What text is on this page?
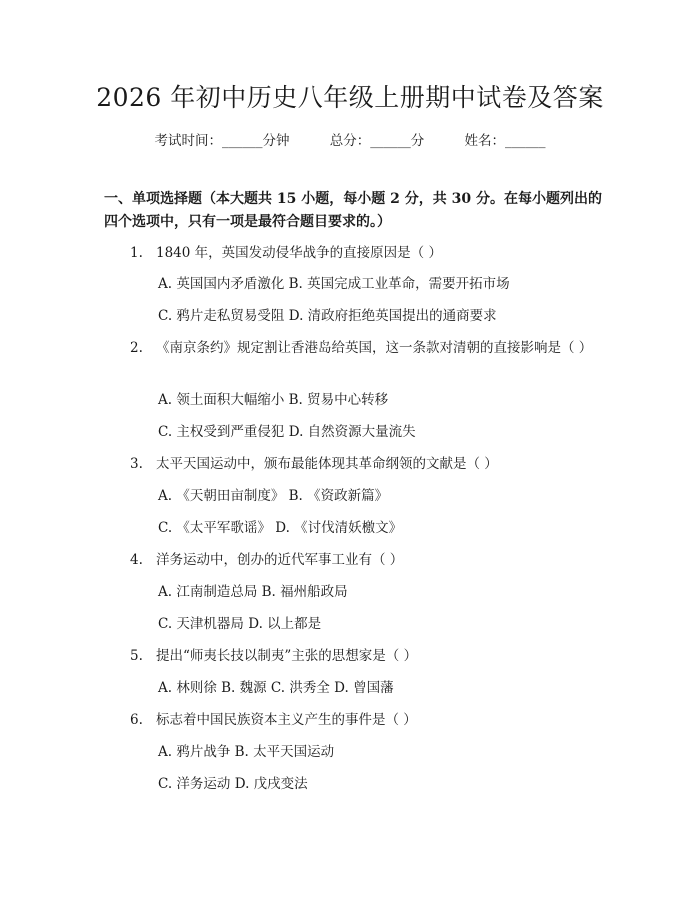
2026 年初中历史八年级上册期中试卷及答案
考试时间：______分钟	总分：______分	姓名：______
一、单项选择题（本大题共 15 小题，每小题 2 分，共 30 分。在每小题列出的四个选项中，只有一项是最符合题目要求的。）
1. 1840 年，英国发动侵华战争的直接原因是（ ）
A. 英国国内矛盾激化 B. 英国完成工业革命，需要开拓市场
C. 鸦片走私贸易受阻 D. 清政府拒绝英国提出的通商要求
2. 《南京条约》规定割让香港岛给英国，这一条款对清朝的直接影响是（ ）
A. 领土面积大幅缩小 B. 贸易中心转移
C. 主权受到严重侵犯 D. 自然资源大量流失
3. 太平天国运动中，颁布最能体现其革命纲领的文献是（ ）
A. 《天朝田亩制度》 B. 《资政新篇》
C. 《太平军歌谣》 D. 《讨伐清妖檄文》
4. 洋务运动中，创办的近代军事工业有（ ）
A. 江南制造总局 B. 福州船政局
C. 天津机器局 D. 以上都是
5. 提出“师夷长技以制夷”主张的思想家是（ ）
A. 林则徐 B. 魏源 C. 洪秀全 D. 曾国藩
6. 标志着中国民族资本主义产生的事件是（ ）
A. 鸦片战争 B. 太平天国运动
C. 洋务运动 D. 戊戌变法
